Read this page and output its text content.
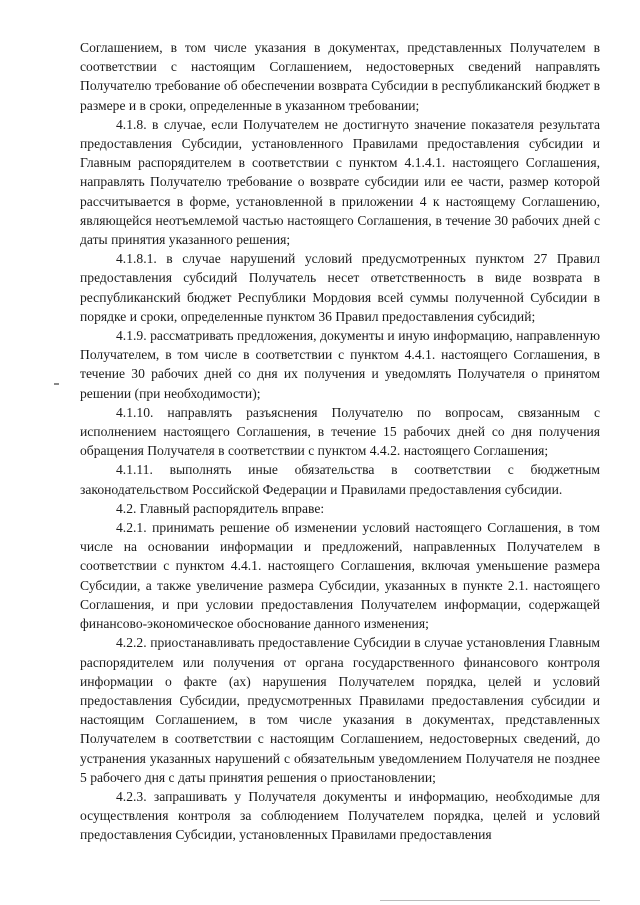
Соглашением, в том числе указания в документах, представленных Получателем в соответствии с настоящим Соглашением, недостоверных сведений направлять Получателю требование об обеспечении возврата Субсидии в республиканский бюджет в размере и в сроки, определенные в указанном требовании;

4.1.8. в случае, если Получателем не достигнуто значение показателя результата предоставления Субсидии, установленного Правилами предоставления субсидии и Главным распорядителем в соответствии с пунктом 4.1.4.1. настоящего Соглашения, направлять Получателю требование о возврате субсидии или ее части, размер которой рассчитывается в форме, установленной в приложении 4 к настоящему Соглашению, являющейся неотъемлемой частью настоящего Соглашения, в течение 30 рабочих дней с даты принятия указанного решения;

4.1.8.1. в случае нарушений условий предусмотренных пунктом 27 Правил предоставления субсидий Получатель несет ответственность в виде возврата в республиканский бюджет Республики Мордовия всей суммы полученной Субсидии в порядке и сроки, определенные пунктом 36 Правил предоставления субсидий;

4.1.9. рассматривать предложения, документы и иную информацию, направленную Получателем, в том числе в соответствии с пунктом 4.4.1. настоящего Соглашения, в течение 30 рабочих дней со дня их получения и уведомлять Получателя о принятом решении (при необходимости);

4.1.10. направлять разъяснения Получателю по вопросам, связанным с исполнением настоящего Соглашения, в течение 15 рабочих дней со дня получения обращения Получателя в соответствии с пунктом 4.4.2. настоящего Соглашения;

4.1.11. выполнять иные обязательства в соответствии с бюджетным законодательством Российской Федерации и Правилами предоставления субсидии.

4.2. Главный распорядитель вправе:

4.2.1. принимать решение об изменении условий настоящего Соглашения, в том числе на основании информации и предложений, направленных Получателем в соответствии с пунктом 4.4.1. настоящего Соглашения, включая уменьшение размера Субсидии, а также увеличение размера Субсидии, указанных в пункте 2.1. настоящего Соглашения, и при условии предоставления Получателем информации, содержащей финансово-экономическое обоснование данного изменения;

4.2.2. приостанавливать предоставление Субсидии в случае установления Главным распорядителем или получения от органа государственного финансового контроля информации о факте (ах) нарушения Получателем порядка, целей и условий предоставления Субсидии, предусмотренных Правилами предоставления субсидии и настоящим Соглашением, в том числе указания в документах, представленных Получателем в соответствии с настоящим Соглашением, недостоверных сведений, до устранения указанных нарушений с обязательным уведомлением Получателя не позднее 5 рабочего дня с даты принятия решения о приостановлении;

4.2.3. запрашивать у Получателя документы и информацию, необходимые для осуществления контроля за соблюдением Получателем порядка, целей и условий предоставления Субсидии, установленных Правилами предоставления
